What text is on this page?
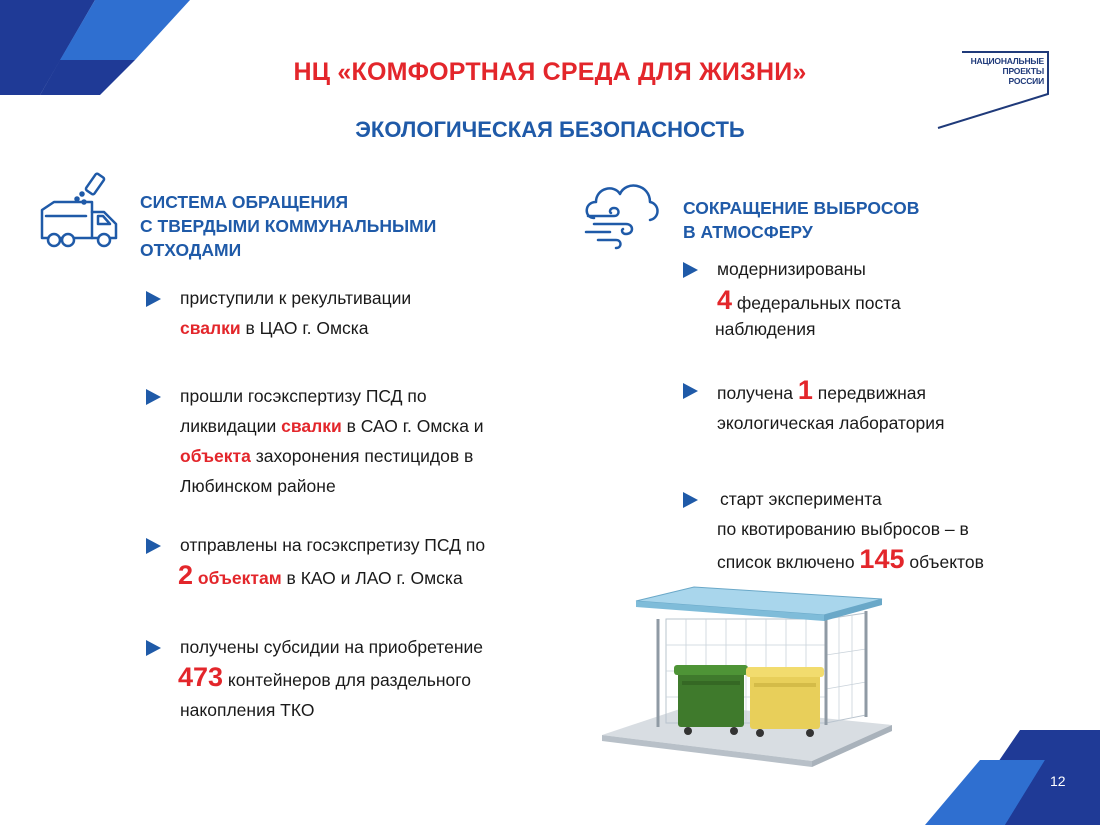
НЦ «КОМФОРТНАЯ СРЕДА ДЛЯ ЖИЗНИ»
ЭКОЛОГИЧЕСКАЯ БЕЗОПАСНОСТЬ
НАЦИОНАЛЬНЫЕ
ПРОЕКТЫ
РОССИИ
СИСТЕМА ОБРАЩЕНИЯ
С ТВЕРДЫМИ КОММУНАЛЬНЫМИ
ОТХОДАМИ
СОКРАЩЕНИЕ ВЫБРОСОВ
В АТМОСФЕРУ
приступили к рекультивации
свалки в ЦАО г. Омска
прошли госэкспертизу ПСД по
ликвидации свалки в САО г. Омска и
объекта захоронения пестицидов в
Любинском районе
отправлены на госэкспретизу ПСД по
2 объектам в КАО и ЛАО г. Омска
получены субсидии на приобретение
473 контейнеров для раздельного
накопления ТКО
модернизированы
4 федеральных поста
наблюдения
получена 1 передвижная
экологическая лаборатория
старт эксперимента
по квотированию выбросов – в
список включено 145 объектов
12
